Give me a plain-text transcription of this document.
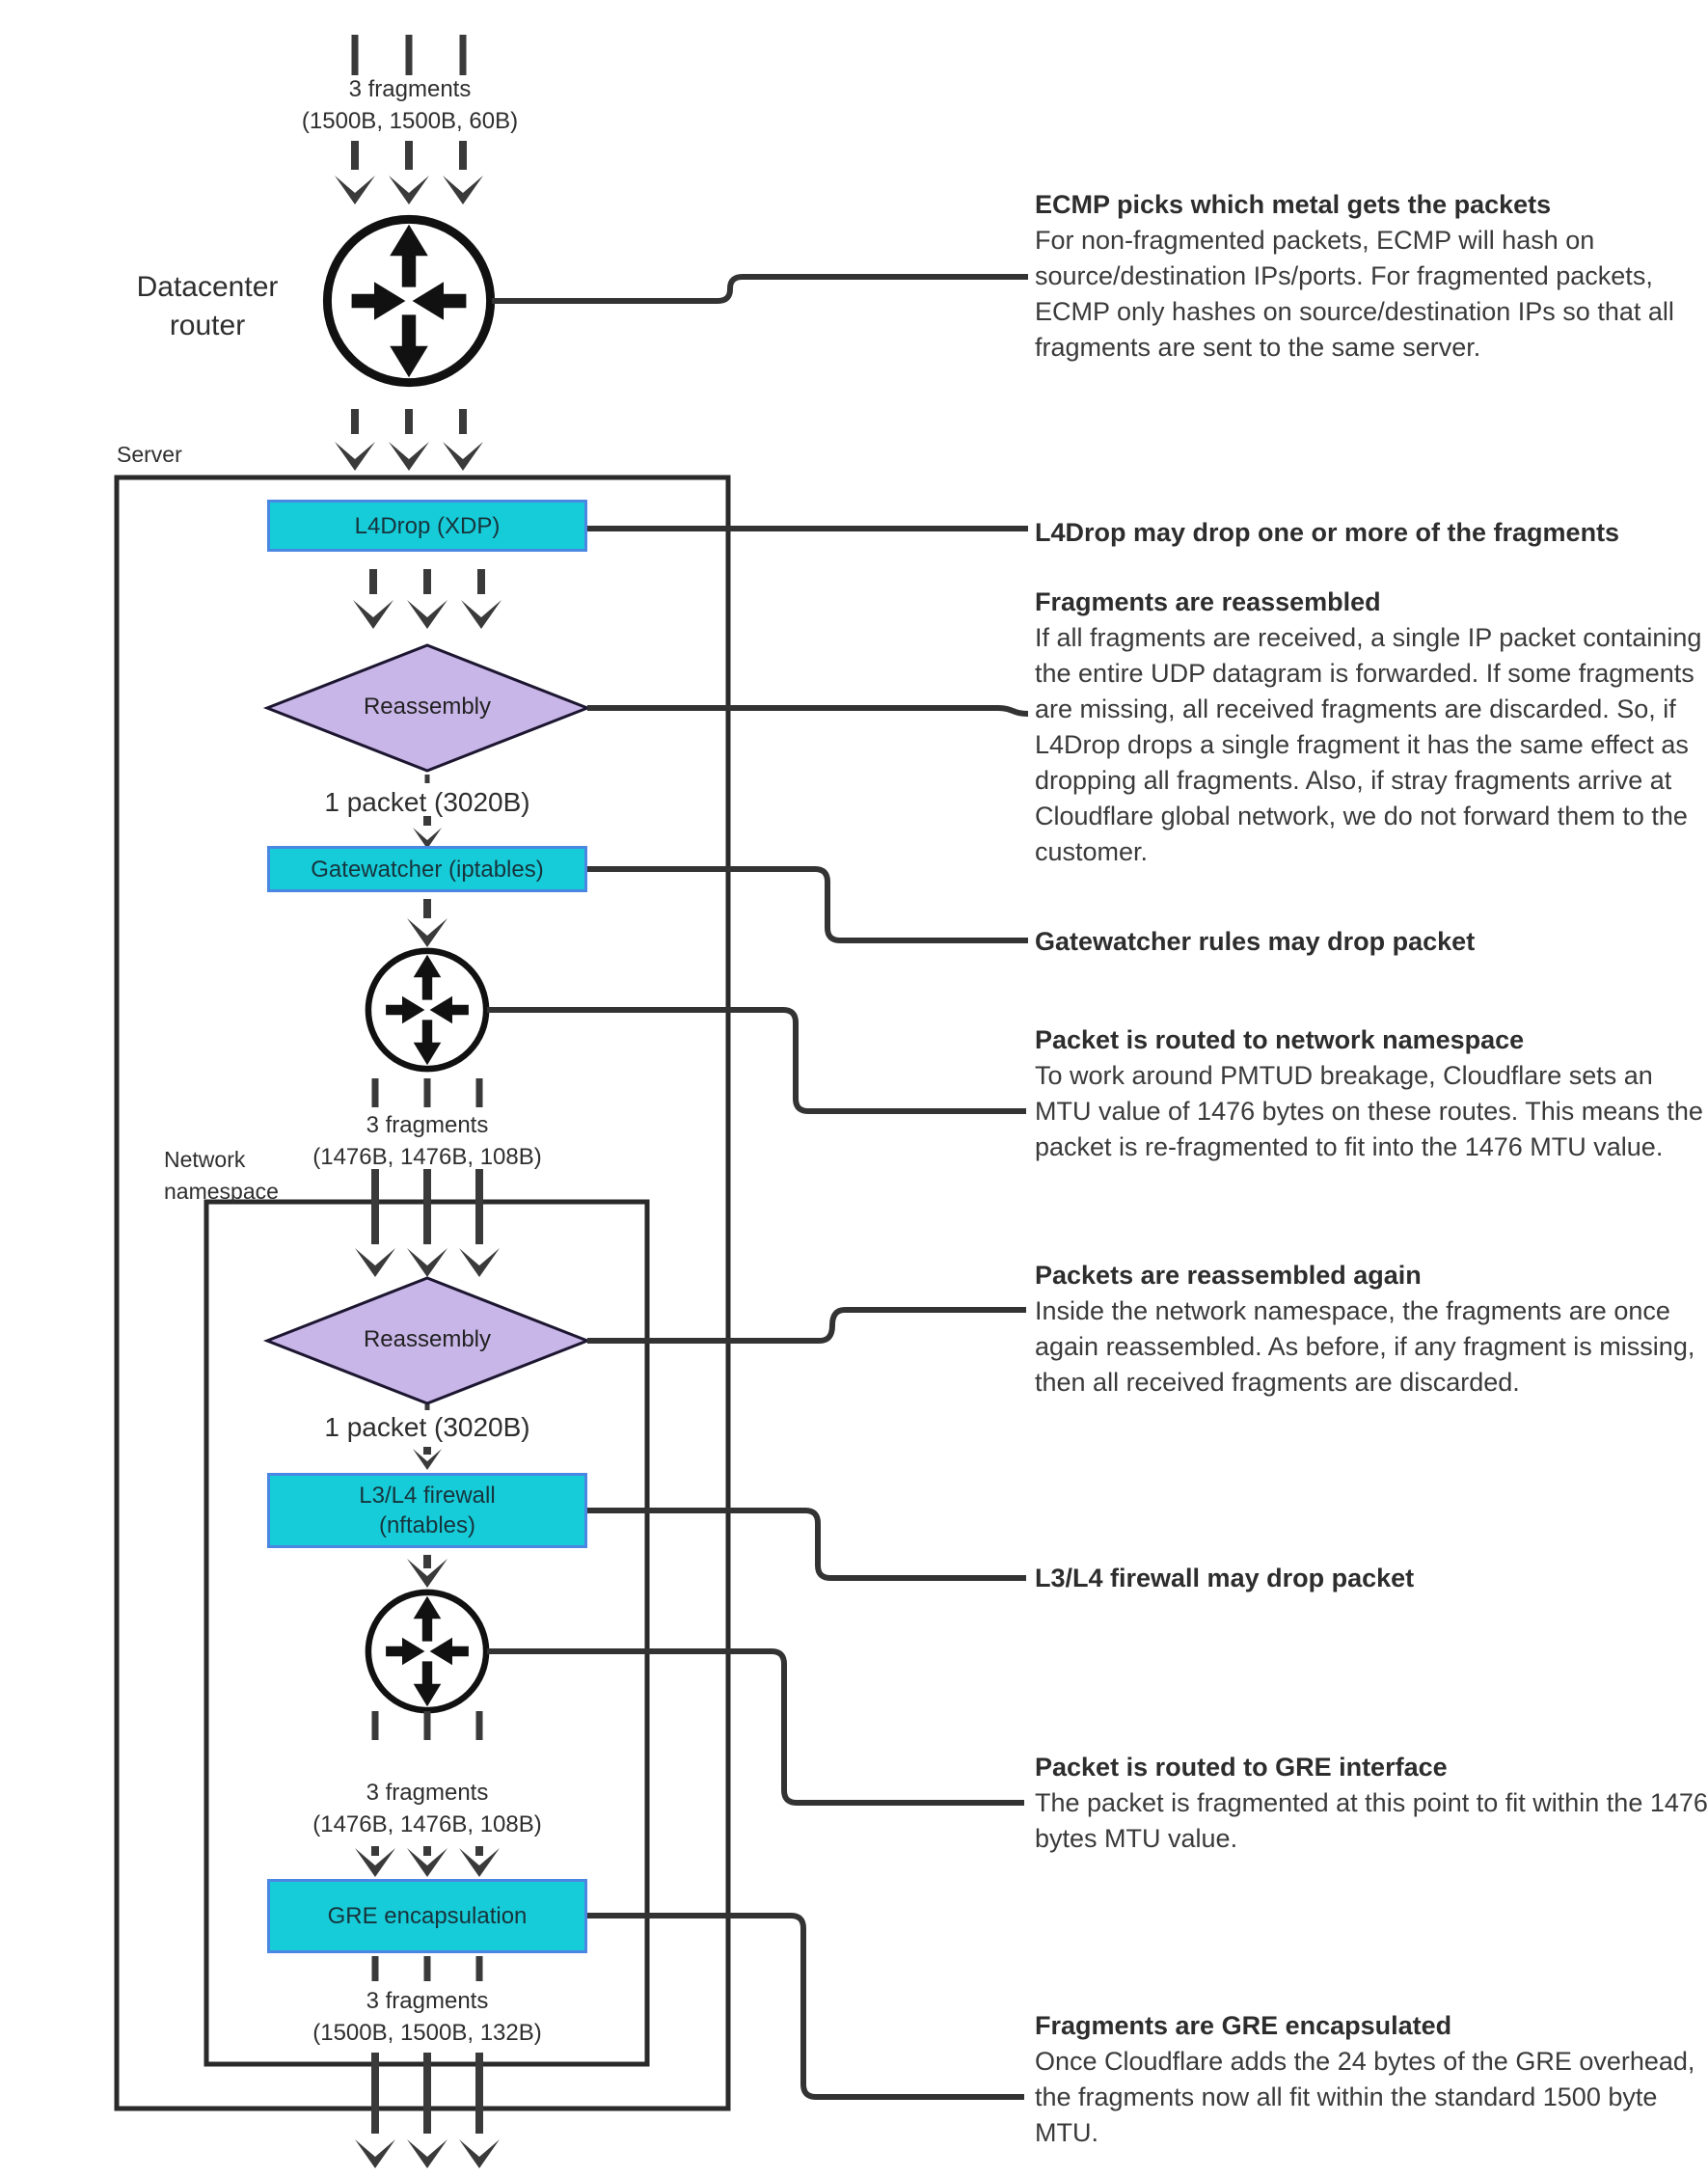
3 fragments
(1500B, 1500B, 60B)
Datacenter router
Server
L4Drop (XDP)
Reassembly
1 packet (3020B)
Gatewatcher (iptables)
3 fragments
(1476B, 1476B, 108B)
Network namespace
Reassembly
1 packet (3020B)
L3/L4 firewall
(nftables)
3 fragments
(1476B, 1476B, 108B)
GRE encapsulation
3 fragments
(1500B, 1500B, 132B)
ECMP picks which metal gets the packets

For non-fragmented packets, ECMP will hash on source/destination IPs/ports. For fragmented packets, ECMP only hashes on source/destination IPs so that all fragments are sent to the same server.

L4Drop may drop one or more of the fragments
Fragments are reassembled

If all fragments are received, a single IP packet containing the entire UDP datagram is forwarded. If some fragments are missing, all received fragments are discarded. So, if L4Drop drops a single fragment it has the same effect as dropping all fragments. Also, if stray fragments arrive at Cloudflare global network, we do not forward them to the customer.

Gatewatcher rules may drop packet
Packet is routed to network namespace

To work around PMTUD breakage, Cloudflare sets an MTU value of 1476 bytes on these routes. This means the packet is re-fragmented to fit into the 1476 MTU value.

Packets are reassembled again

Inside the network namespace, the fragments are once again reassembled. As before, if any fragment is missing, then all received fragments are discarded.

L3/L4 firewall may drop packet
Packet is routed to GRE interface

The packet is fragmented at this point to fit within the 1476 bytes MTU value.

Fragments are GRE encapsulated

Once Cloudflare adds the 24 bytes of the GRE overhead, the fragments now all fit within the standard 1500 byte MTU.
